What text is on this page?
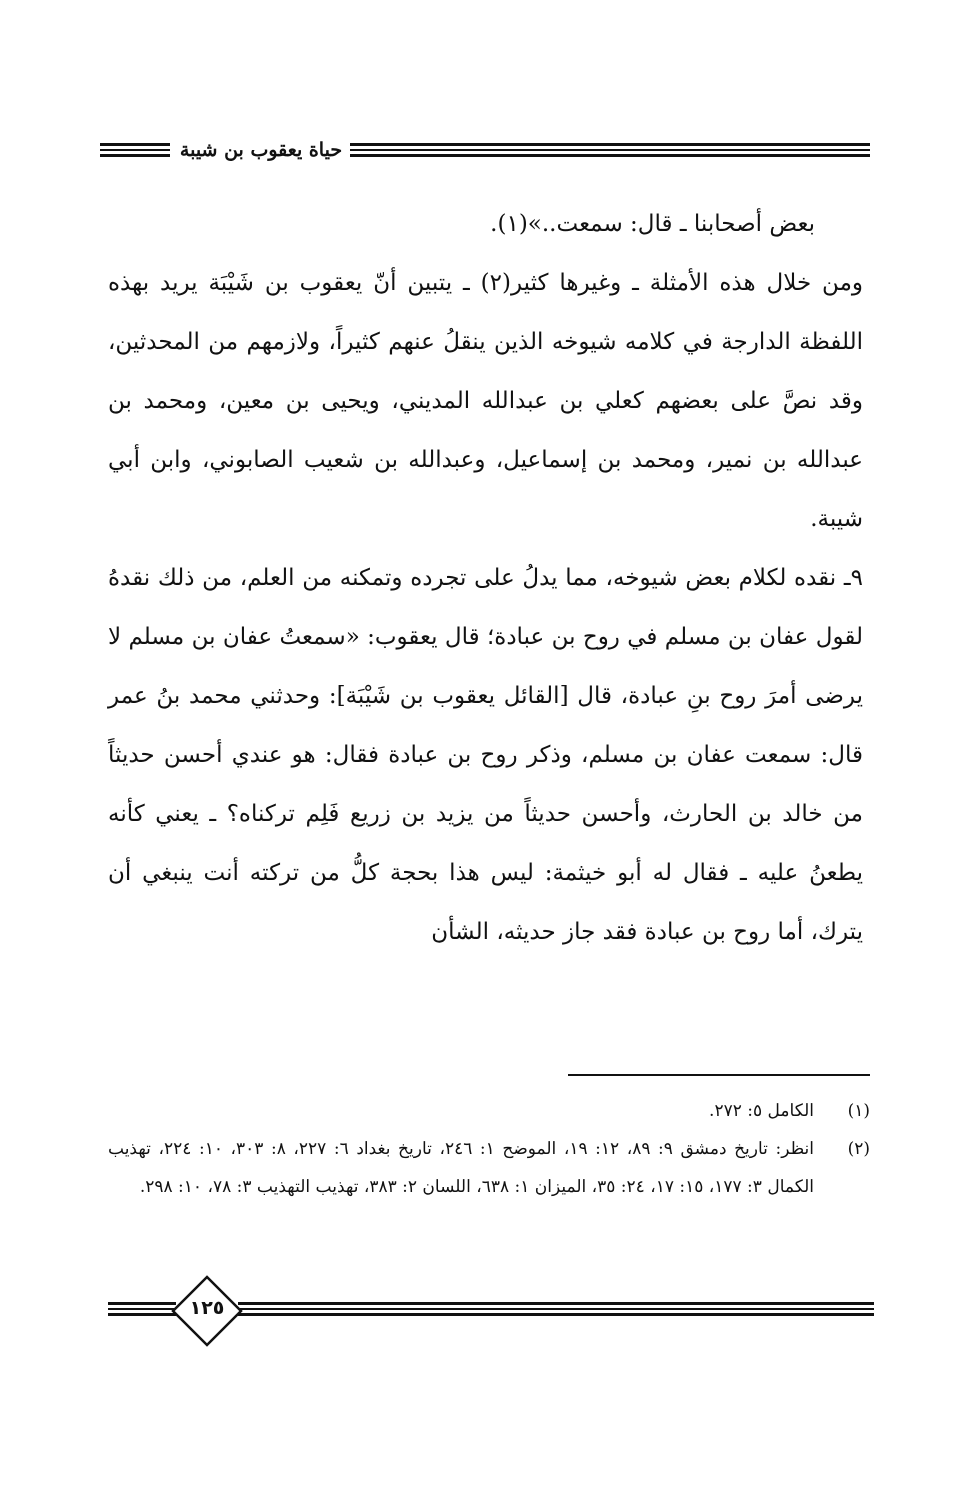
حياة يعقوب بن شيبة

بعض أصحابنا ـ قال: سمعت..»(١).

ومن خلال هذه الأمثلة ـ وغيرها كثير(٢) ـ يتبين أنّ يعقوب بن شَيْبَة يريد بهذه اللفظة الدارجة في كلامه شيوخه الذين ينقلُ عنهم كثيراً، ولازمهم من المحدثين، وقد نصَّ على بعضهم كعلي بن عبدالله المديني، ويحيى بن معين، ومحمد بن عبدالله بن نمير، ومحمد بن إسماعيل، وعبدالله بن شعيب الصابوني، وابن أبي شيبة.

٩ـ نقده لكلام بعض شيوخه، مما يدلُ على تجرده وتمكنه من العلم، من ذلك نقدهُ لقول عفان بن مسلم في روح بن عبادة؛ قال يعقوب: «سمعتُ عفان بن مسلم لا يرضى أمرَ روح بنِ عبادة، قال [القائل يعقوب بن شَيْبَة]: وحدثني محمد بنُ عمر قال: سمعت عفان بن مسلم، وذكر روح بن عبادة فقال: هو عندي أحسن حديثاً من خالد بن الحارث، وأحسن حديثاً من يزيد بن زريع فَلِم تركناه؟ ـ يعني كأنه يطعنُ عليه ـ فقال له أبو خيثمة: ليس هذا بحجة كلُّ من تركته أنت ينبغي أن يترك، أما روح بن عبادة فقد جاز حديثه، الشأن

(١)
الكامل ٥: ٢٧٢.
(٢)
انظر: تاريخ دمشق ٩: ٨٩، ١٢: ١٩، الموضح ١: ٢٤٦، تاريخ بغداد ٦: ٢٢٧، ٨: ٣٠٣، ١٠: ٢٢٤، تهذيب الكمال ٣: ١٧٧، ١٥: ١٧، ٢٤: ٣٥، الميزان ١: ٦٣٨، اللسان ٢: ٣٨٣، تهذيب التهذيب ٣: ٧٨، ١٠: ٢٩٨.
١٢٥
